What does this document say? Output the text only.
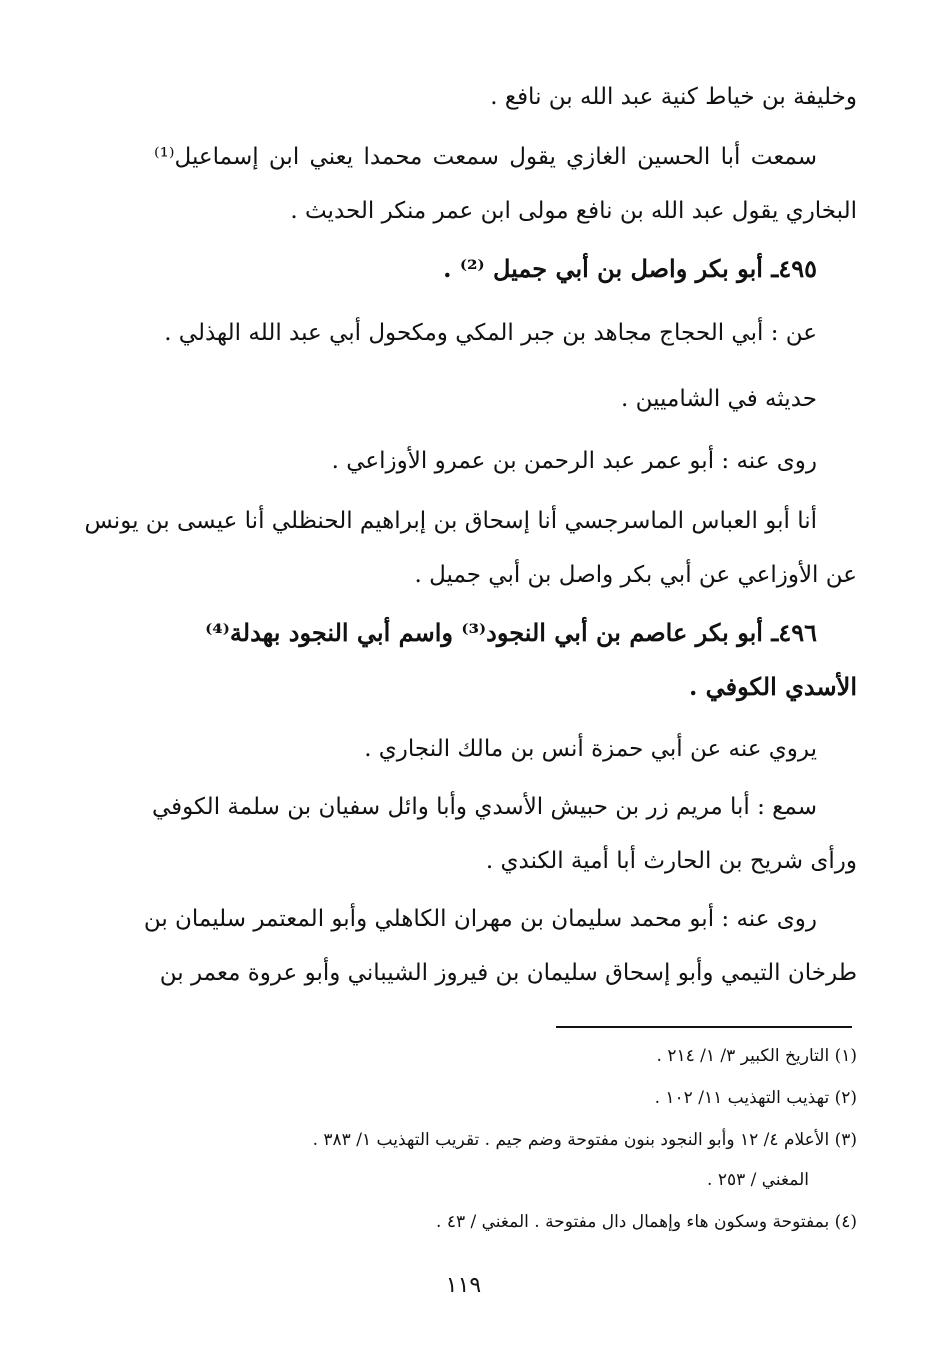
وخليفة بن خياط كنية عبد الله بن نافع .

سمعت أبا الحسين الغازي يقول سمعت محمدا يعني ابن إسماعيل⁽¹⁾

البخاري يقول عبد الله بن نافع مولى ابن عمر منكر الحديث .

٤٩٥ـ أبو بكر واصل بن أبي جميل ⁽²⁾ .

عن : أبي الحجاج مجاهد بن جبر المكي ومكحول أبي عبد الله الهذلي .

حديثه في الشاميين .

روى عنه : أبو عمر عبد الرحمن بن عمرو الأوزاعي .

أنا أبو العباس الماسرجسي أنا إسحاق بن إبراهيم الحنظلي أنا عيسى بن يونس

عن الأوزاعي عن أبي بكر واصل بن أبي جميل .

٤٩٦ـ أبو بكر عاصم بن أبي النجود⁽³⁾ واسم أبي النجود بهدلة⁽⁴⁾

الأسدي الكوفي .

يروي عنه عن أبي حمزة أنس بن مالك النجاري .

سمع : أبا مريم زر بن حبيش الأسدي وأبا وائل سفيان بن سلمة الكوفي

ورأى شريح بن الحارث أبا أمية الكندي .

روى عنه : أبو محمد سليمان بن مهران الكاهلي وأبو المعتمر سليمان بن

طرخان التيمي وأبو إسحاق سليمان بن فيروز الشيباني وأبو عروة معمر بن

(١) التاريخ الكبير ٣/ ١/ ٢١٤ .

(٢) تهذيب التهذيب ١١/ ١٠٢ .

(٣) الأعلام ٤/ ١٢ وأبو النجود بنون مفتوحة وضم جيم . تقريب التهذيب ١/ ٣٨٣ .

المغني / ٢٥٣ .

(٤) بمفتوحة وسكون هاء وإهمال دال مفتوحة . المغني / ٤٣ .

١١٩
